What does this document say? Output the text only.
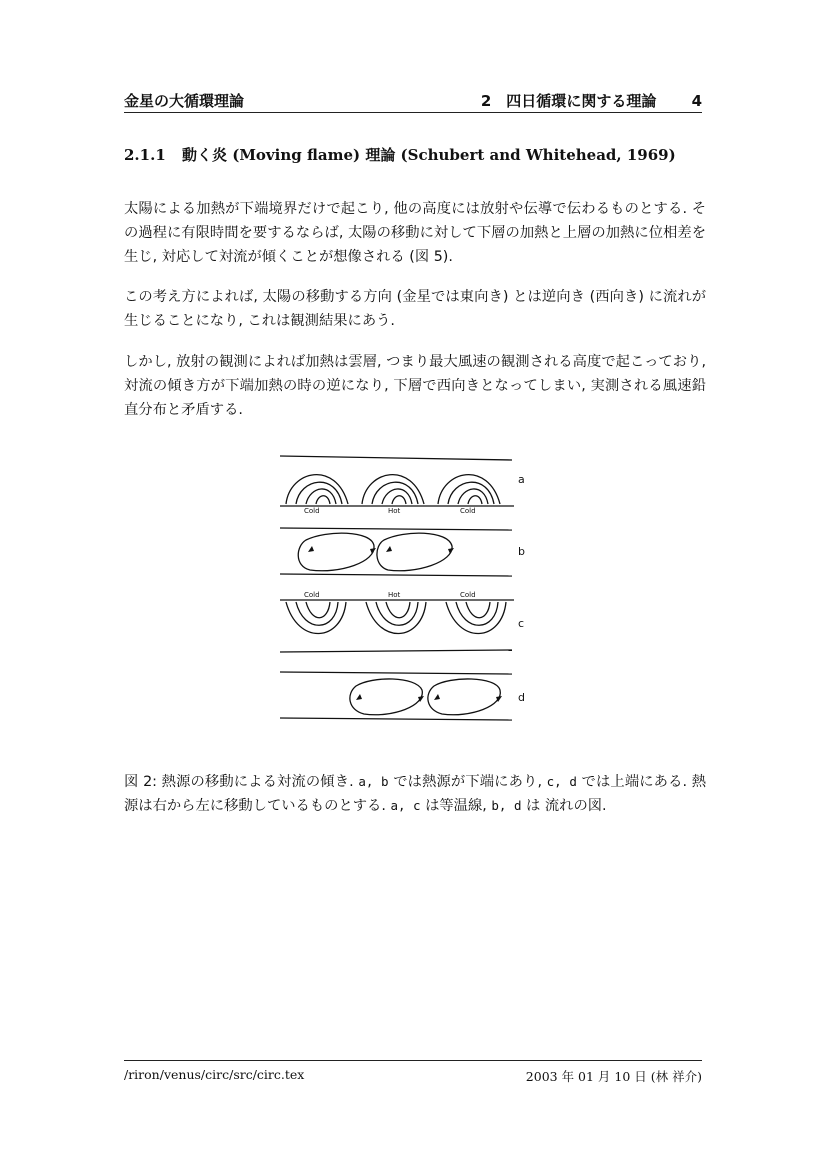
金星の大循環理論	2　四日循環に関する理論　　 4
2.1.1 動く炎 (Moving flame) 理論 (Schubert and Whitehead, 1969)
太陽による加熱が下端境界だけで起こり, 他の高度には放射や伝導で伝わるものとする. その過程に有限時間を要するならば, 太陽の移動に対して下層の加熱と上層の加熱に位相差を生じ, 対応して対流が傾くことが想像される (図 5).
この考え方によれば, 太陽の移動する方向 (金星では東向き) とは逆向き (西向き) に流れが生じることになり, これは観測結果にあう.
しかし, 放射の観測によれば加熱は雲層, つまり最大風速の観測される高度で起こっており, 対流の傾き方が下端加熱の時の逆になり, 下層で西向きとなってしまい, 実測される風速鉛直分布と矛盾する.
Cold	Hot	Cold
Cold	Hot	Cold
a
b
c
d
図 2: 熱源の移動による対流の傾き. a, b では熱源が下端にあり, c, d では上端にある. 熱源は右から左に移動しているものとする. a, c は等温線, b, d は 流れの図.
/riron/venus/circ/src/circ.tex	2003 年 01 月 10 日 (林 祥介)
